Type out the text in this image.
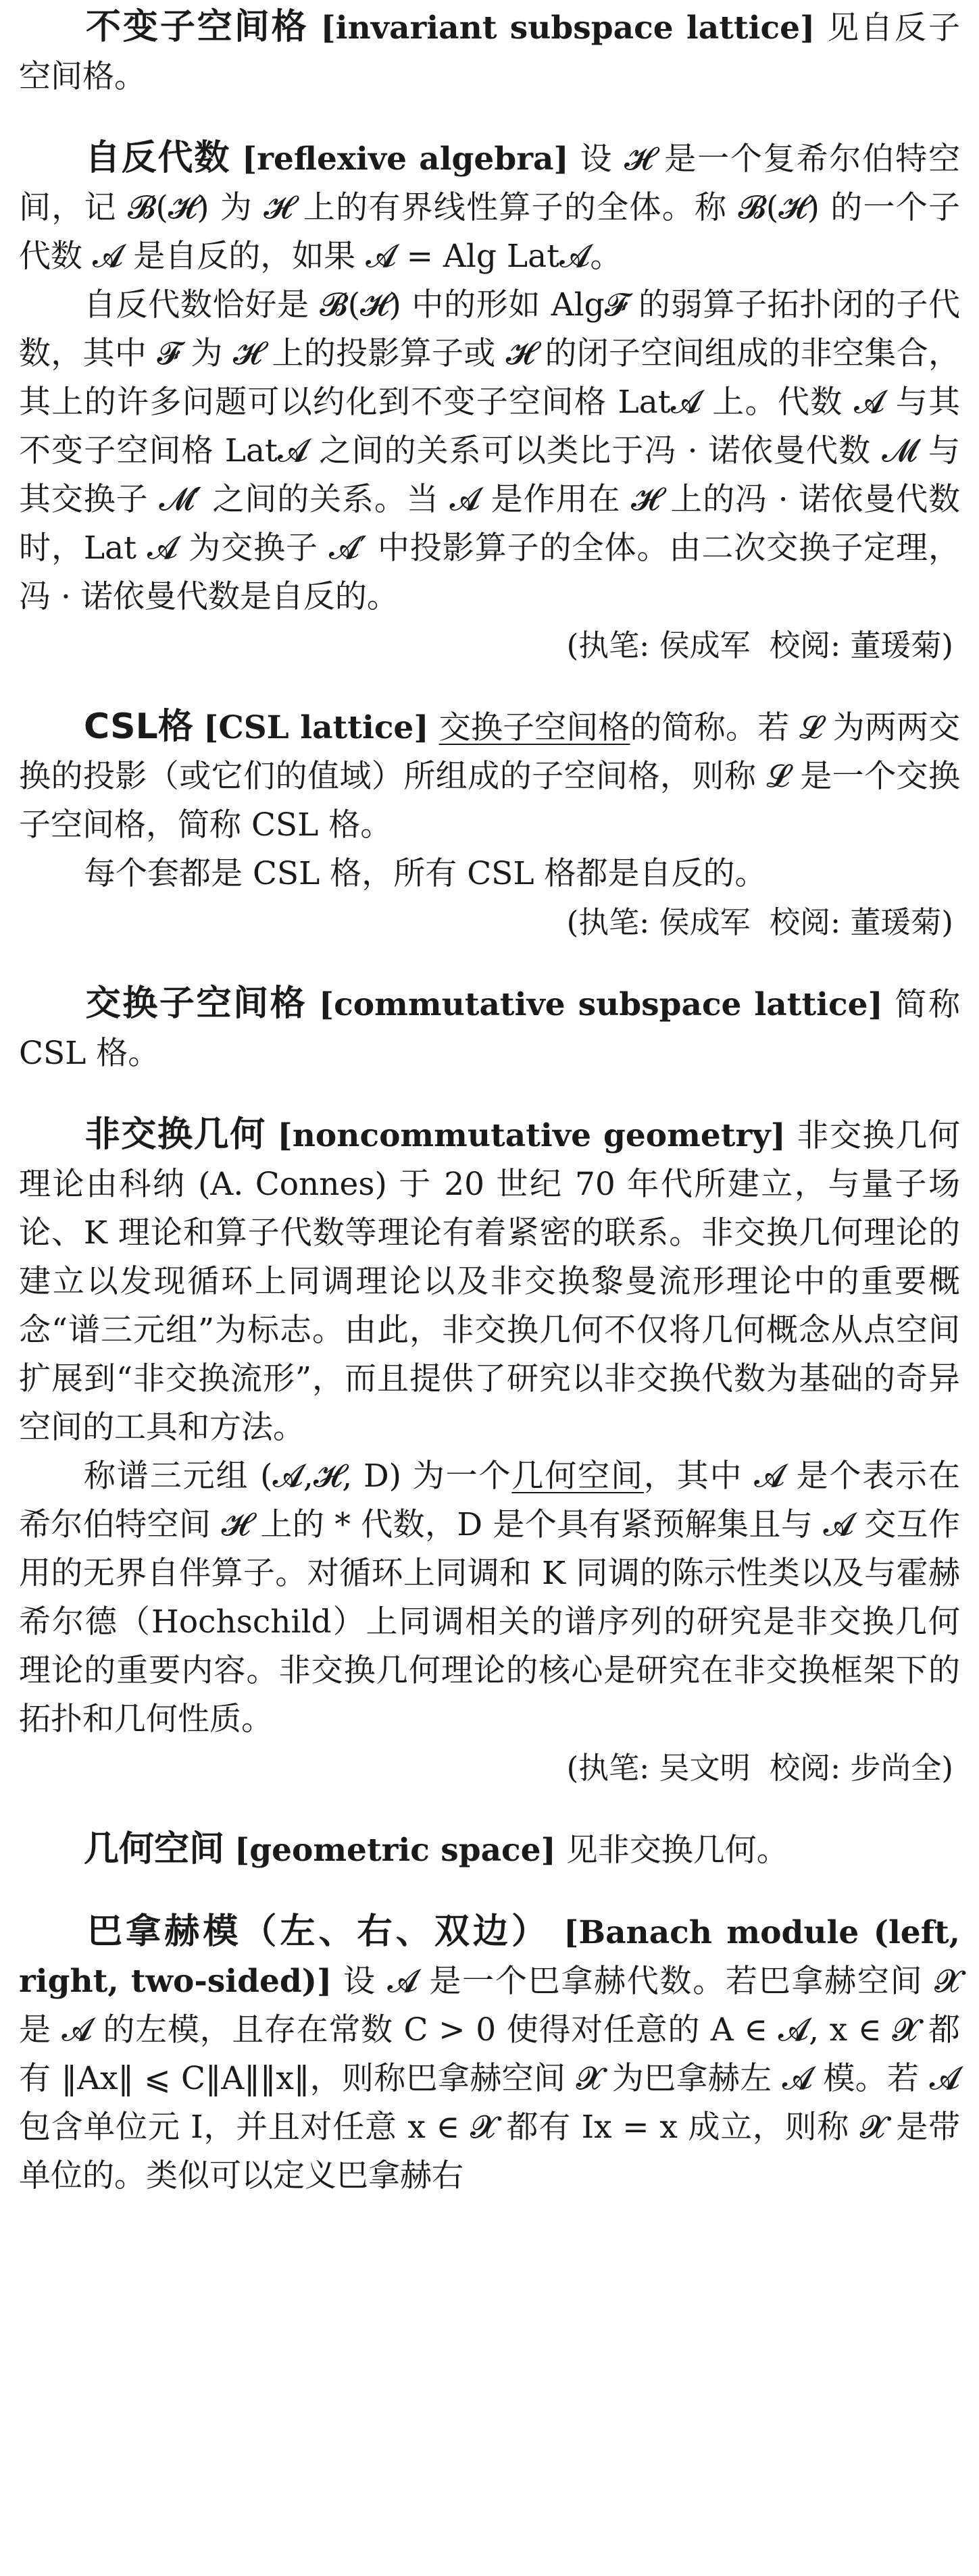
不变子空间格 [invariant subspace lattice] 见自反子空间格。

自反代数 [reflexive algebra] 设 𝓗 是一个复希尔伯特空间，记 𝓑(𝓗) 为 𝓗 上的有界线性算子的全体。称 𝓑(𝓗) 的一个子代数 𝓐 是自反的，如果 𝓐 = Alg Lat𝓐。

自反代数恰好是 𝓑(𝓗) 中的形如 Alg𝓕 的弱算子拓扑闭的子代数，其中 𝓕 为 𝓗 上的投影算子或 𝓗 的闭子空间组成的非空集合，其上的许多问题可以约化到不变子空间格 Lat𝓐 上。代数 𝓐 与其不变子空间格 Lat𝓐 之间的关系可以类比于冯 · 诺依曼代数 𝓜 与其交换子 𝓜′ 之间的关系。当 𝓐 是作用在 𝓗 上的冯 · 诺依曼代数时，Lat 𝓐 为交换子 𝓐′ 中投影算子的全体。由二次交换子定理，冯 · 诺依曼代数是自反的。

(执笔: 侯成军 校阅: 董瑗菊)

CSL格 [CSL lattice] 交换子空间格的简称。若 𝓛 为两两交换的投影（或它们的值域）所组成的子空间格，则称 𝓛 是一个交换子空间格，简称 CSL 格。

每个套都是 CSL 格，所有 CSL 格都是自反的。

(执笔: 侯成军 校阅: 董瑗菊)

交换子空间格 [commutative subspace lattice] 简称CSL 格。

非交换几何 [noncommutative geometry] 非交换几何理论由科纳 (A. Connes) 于 20 世纪 70 年代所建立，与量子场论、K 理论和算子代数等理论有着紧密的联系。非交换几何理论的建立以发现循环上同调理论以及非交换黎曼流形理论中的重要概念“谱三元组”为标志。由此，非交换几何不仅将几何概念从点空间扩展到“非交换流形”，而且提供了研究以非交换代数为基础的奇异空间的工具和方法。

称谱三元组 (𝓐,𝓗, D) 为一个几何空间，其中 𝓐 是个表示在希尔伯特空间 𝓗 上的 * 代数，D 是个具有紧预解集且与 𝓐 交互作用的无界自伴算子。对循环上同调和 K 同调的陈示性类以及与霍赫希尔德（Hochschild）上同调相关的谱序列的研究是非交换几何理论的重要内容。非交换几何理论的核心是研究在非交换框架下的拓扑和几何性质。

(执笔: 吴文明 校阅: 步尚全)

几何空间 [geometric space] 见非交换几何。

巴拿赫模（左、右、双边） [Banach module (left, right, two-sided)] 设 𝓐 是一个巴拿赫代数。若巴拿赫空间 𝓧 是 𝓐 的左模，且存在常数 C > 0 使得对任意的 A ∈ 𝓐, x ∈ 𝓧 都有 ‖Ax‖ ⩽ C‖A‖‖x‖，则称巴拿赫空间 𝓧 为巴拿赫左 𝓐 模。若 𝓐 包含单位元 I，并且对任意 x ∈ 𝓧 都有 Ix = x 成立，则称 𝓧 是带单位的。类似可以定义巴拿赫右
